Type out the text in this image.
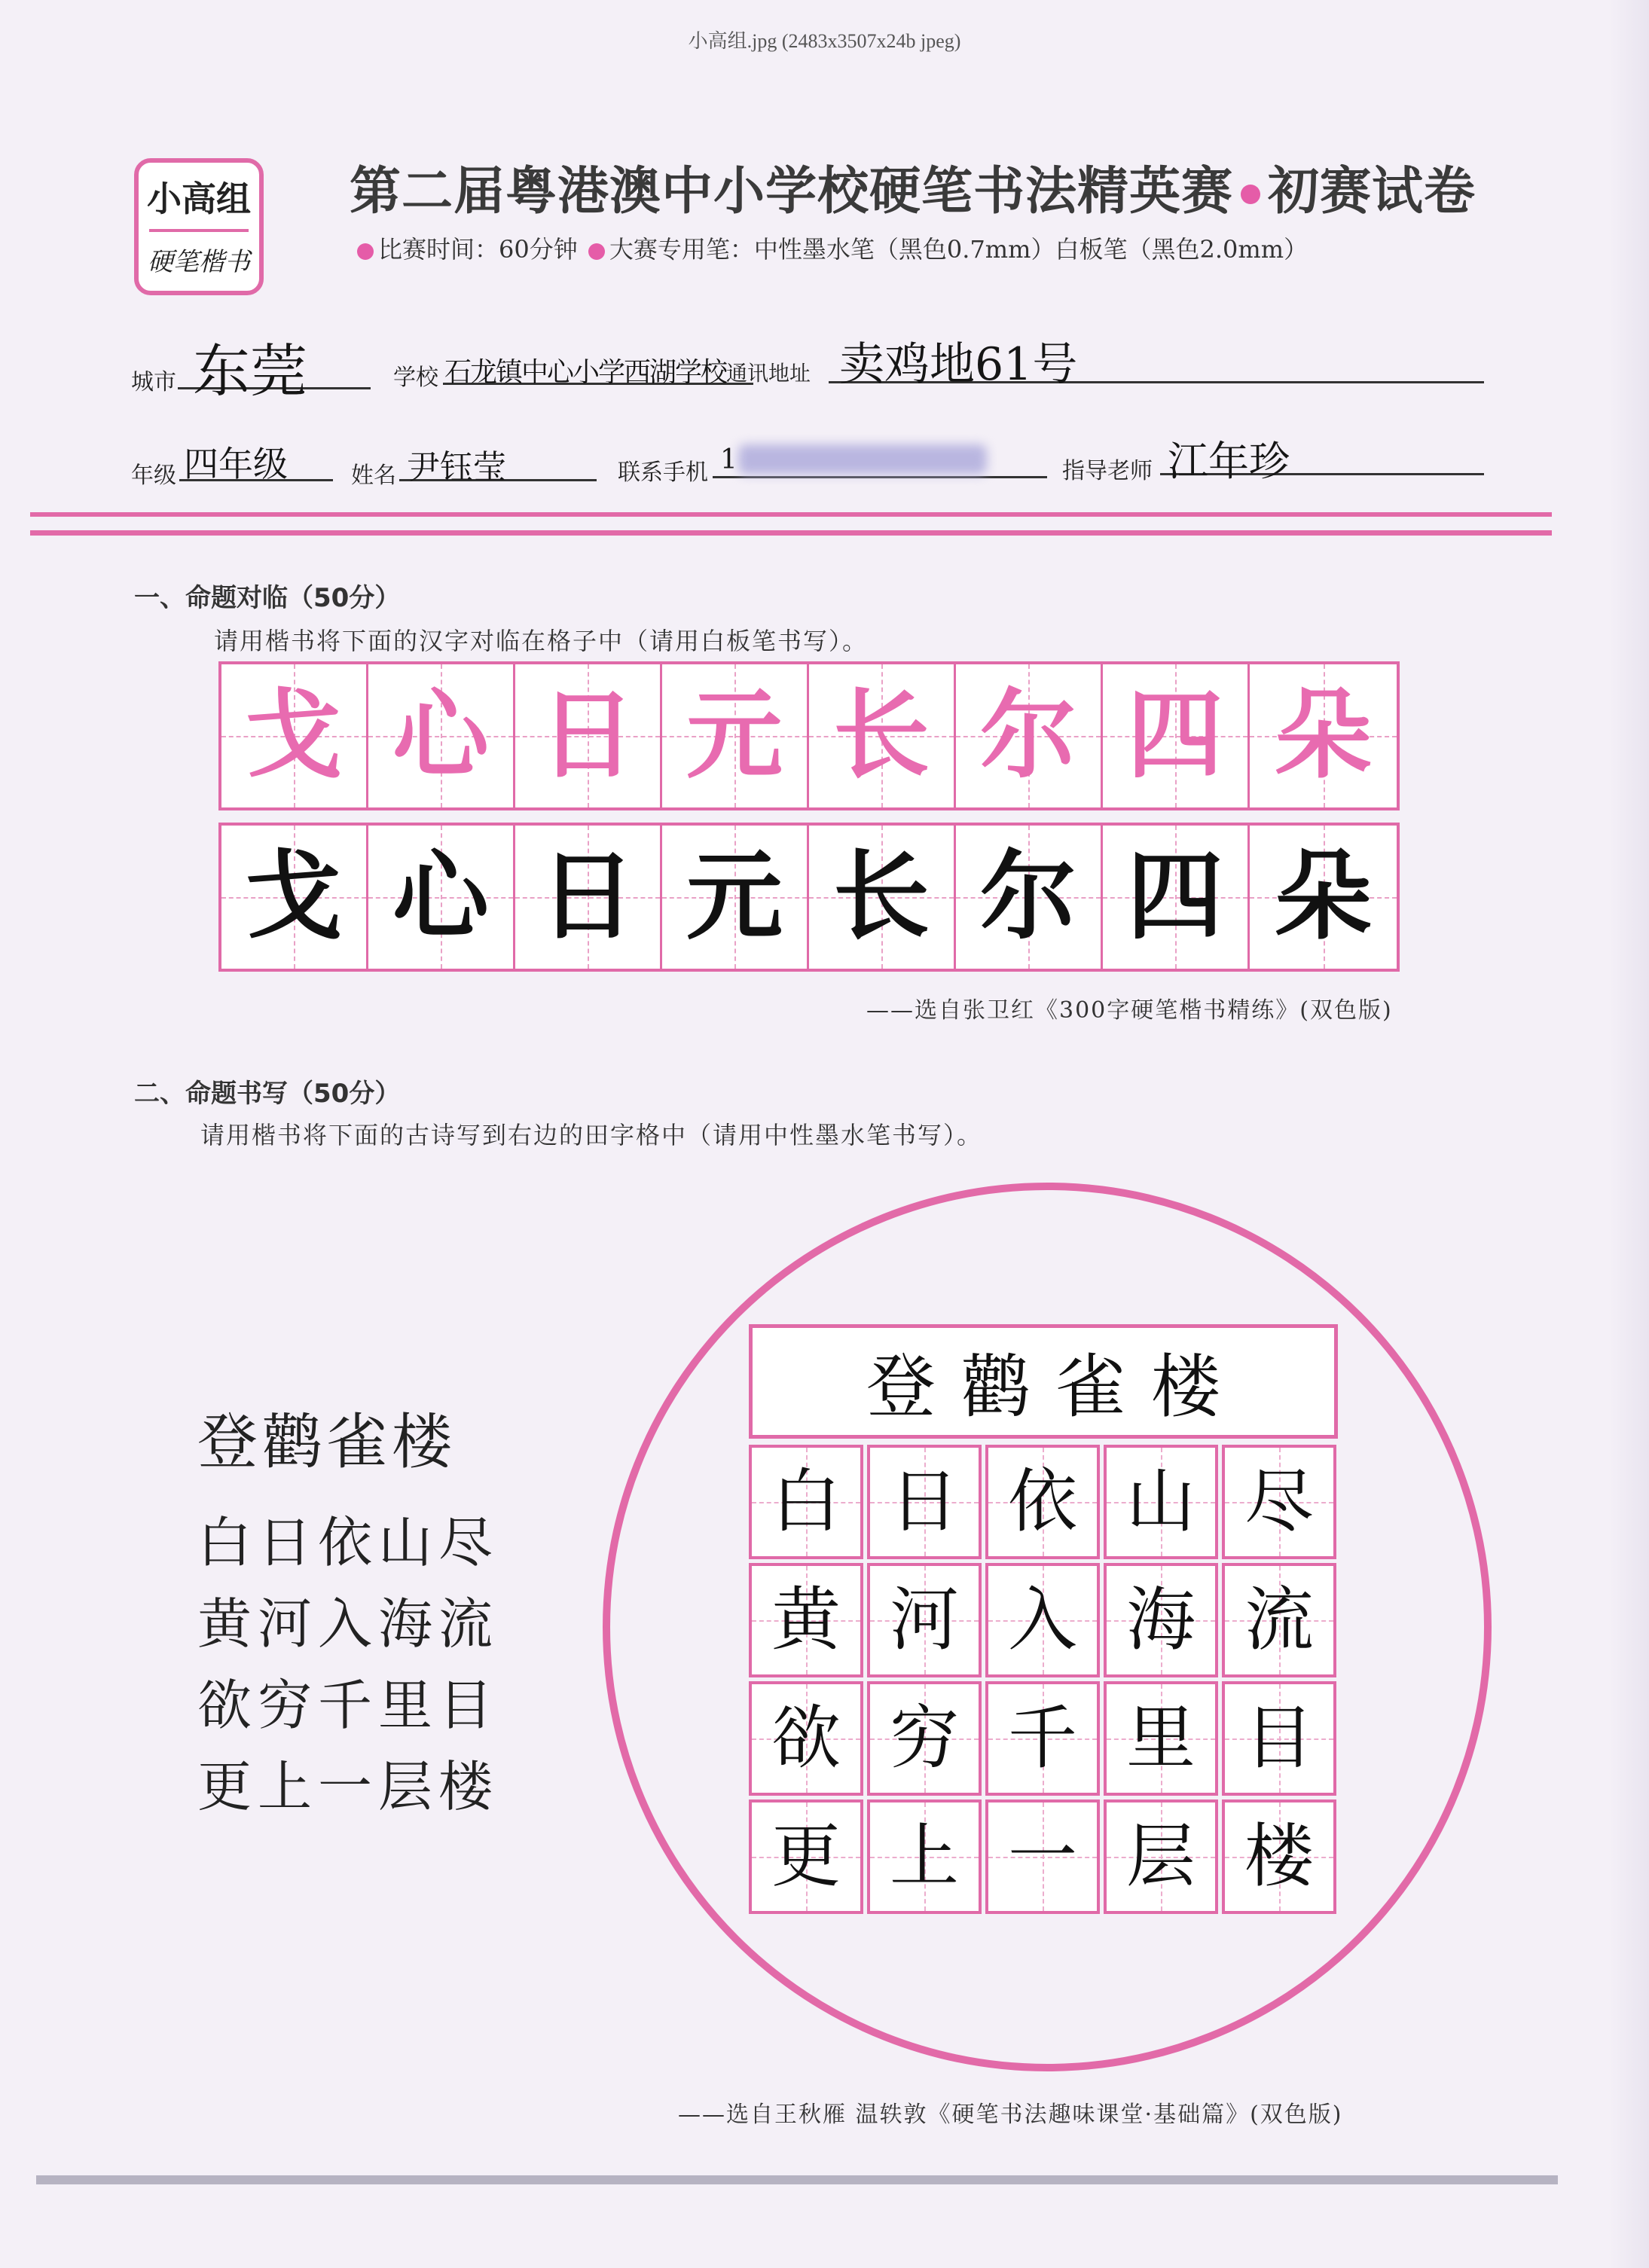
小高组.jpg (2483x3507x24b jpeg)
小高组
硬笔楷书
第二届粤港澳中小学校硬笔书法精英赛 初赛试卷
比赛时间：60分钟 大赛专用笔：中性墨水笔（黑色0.7mm）白板笔（黑色2.0mm）
城市 东莞	学校 石龙镇中心小学西湖学校 通讯地址 卖鸡地61号
年级 四年级	姓名 尹钰莹	联系手机 1	指导老师 江年珍
一、命题对临（50分）
请用楷书将下面的汉字对临在格子中（请用白板笔书写）。
戈 心 日 元 长 尔 四 朵
戈 心 日 元 长 尔 四 朵
——选自张卫红《300字硬笔楷书精练》(双色版)
二、命题书写（50分）
请用楷书将下面的古诗写到右边的田字格中（请用中性墨水笔书写）。
登鹳雀楼
白日依山尽
黄河入海流
欲穷千里目
更上一层楼
登鹳雀楼
白 日 依 山 尽
黄 河 入 海 流
欲 穷 千 里 目
更 上 一 层 楼
——选自王秋雁 温轶敦《硬笔书法趣味课堂·基础篇》(双色版)
